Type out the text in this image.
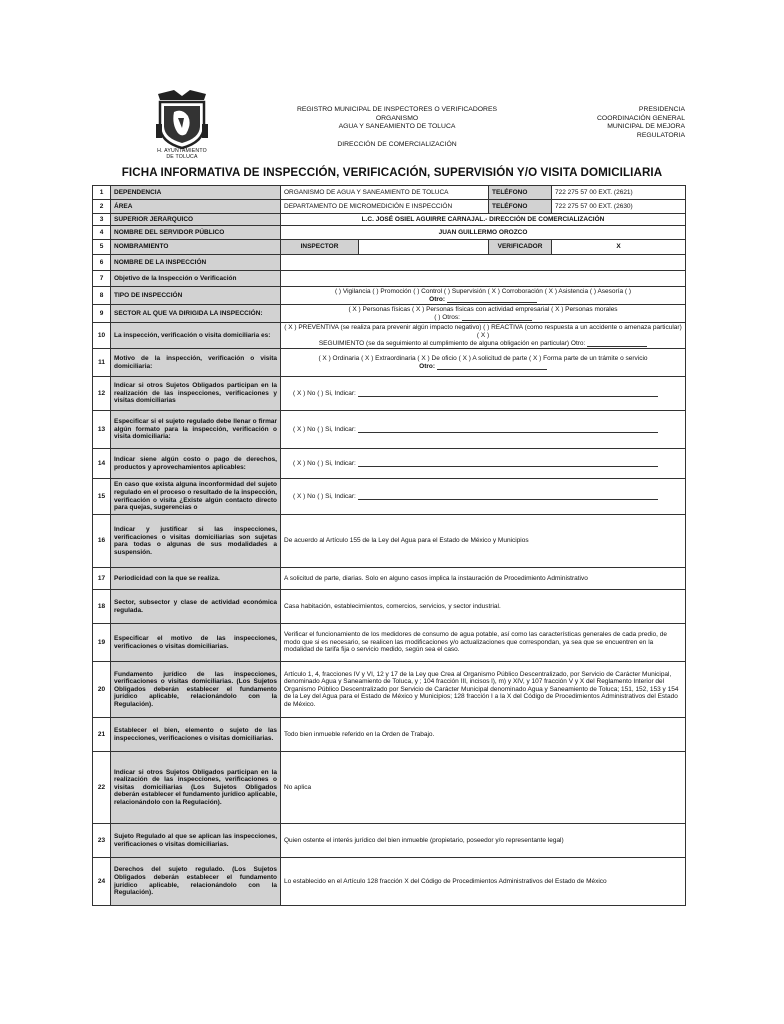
H. AYUNTAMIENTO
DE TOLUCA
REGISTRO MUNICIPAL DE INSPECTORES O VERIFICADORES ORGANISMO
AGUA Y SANEAMIENTO DE TOLUCA
DIRECCIÓN DE COMERCIALIZACIÓN
PRESIDENCIA
COORDINACIÓN GENERAL
MUNICIPAL DE MEJORA
REGULATORIA
FICHA INFORMATIVA DE INSPECCIÓN, VERIFICACIÓN, SUPERVISIÓN Y/O VISITA DOMICILIARIA
1	DEPENDENCIA	ORGANISMO DE AGUA Y SANEAMIENTO DE TOLUCA		TELÉFONO	722 275 57 00 EXT. (2621)
2	ÁREA	DEPARTAMENTO DE MICROMEDICIÓN E INSPECCIÓN		TELÉFONO	722 275 57 00 EXT. (2630)
3	SUPERIOR JERARQUICO	L.C. JOSÉ OSIEL AGUIRRE CARNAJAL.- DIRECCIÓN DE COMERCIALIZACIÓN			
4	NOMBRE DEL SERVIDOR PÚBLICO	JUAN GUILLERMO OROZCO			
5	NOMBRAMIENTO	INSPECTOR		VERIFICADOR	X
6	NOMBRE DE LA INSPECCIÓN				
7	Objetivo de la Inspección o Verificación				
8	TIPO DE INSPECCIÓN	( ) Vigilancia ( ) Promoción ( ) Control ( ) Supervisión ( X ) Corroboración ( X ) Asistencia ( ) Asesoría ( )
Otro:			

9	SECTOR AL QUE VA DIRIGIDA LA INSPECCIÓN:	( X ) Personas físicas ( X ) Personas físicas con actividad empresarial ( X ) Personas morales
( ) Otros:			

10	La inspección, verificación o visita domiciliaria es:	( X ) PREVENTIVA (se realiza para prevenir algún impacto negativo) ( ) REACTIVA (como respuesta a un accidente o amenaza particular) ( X )
SEGUIMIENTO (se da seguimiento al cumplimiento de alguna obligación en particular) Otro:			

11	Motivo de la inspección, verificación o visita domiciliaria:	( X ) Ordinaria ( X ) Extraordinaria ( X ) De oficio ( X ) A solicitud de parte ( X ) Forma parte de un trámite o servicio
Otro:			

12	Indicar si otros Sujetos Obligados participan en la realización de las inspecciones, verificaciones y visitas domiciliarias	( X ) No ( ) Si, Indicar:			
13	Especificar si el sujeto regulado debe llenar o firmar algún formato para la inspección, verificación o visita domiciliaria:	( X ) No ( ) Si, Indicar:			
14	Indicar siene algún costo o pago de derechos, productos y aprovechamientos aplicables:	( X ) No ( ) Si, Indicar:			
15	En caso que exista alguna inconformidad del sujeto regulado en el proceso o resultado de la inspección, verificación o visita ¿Existe algún contacto directo para quejas, sugerencias o	( X ) No ( ) Si, Indicar:			
16	Indicar y justificar si las inspecciones, verificaciones o visitas domiciliarias son sujetas para todas o algunas de sus modalidades a suspensión.	De acuerdo al Artículo 155 de la Ley del Agua para el Estado de México y Municipios			
17	Periodicidad con la que se realiza.	A solicitud de parte, diarias. Solo en alguno casos implica la instauración de Procedimiento Administrativo			
18	Sector, subsector y clase de actividad económica regulada.	Casa habitación, establecimientos, comercios, servicios, y sector industrial.			
19	Especificar el motivo de las inspecciones, verificaciones o visitas domiciliarias.	Verificar el funcionamiento de los medidores de consumo de agua potable, así como las características generales de cada predio, de modo que si es necesario, se realicen las modificaciones y/o actualizaciones que correspondan, ya sea que se encuentren en la modalidad de tarifa fija o servicio medido, según sea el caso.			
20	Fundamento jurídico de las inspecciones, verificaciones o visitas domiciliarias. (Los Sujetos Obligados deberán establecer el fundamento jurídico aplicable, relacionándolo con la Regulación).	Artículo 1, 4, fracciones IV y VI, 12 y 17 de la Ley que Crea al Organismo Público Descentralizado, por Servicio de Carácter Municipal, denominado Agua y Saneamiento de Toluca, y ; 104 fracción III, incisos l), m) y XIV, y 107 fracción V y X del Reglamento Interior del Organismo Público Descentralizado por Servicio de Carácter Municipal denominado Agua y Saneamiento de Toluca; 151, 152, 153 y 154 de la Ley del Agua para el Estado de México y Municipios; 128 fracción I a la X del Código de Procedimientos Administrativos del Estado de México.			
21	Establecer el bien, elemento o sujeto de las inspecciones, verificaciones o visitas domiciliarias.	Todo bien inmueble referido en la Orden de Trabajo.			
22	Indicar si otros Sujetos Obligados participan en la realización de las inspecciones, verificaciones o visitas domiciliarias (Los Sujetos Obligados deberán establecer el fundamento jurídico aplicable, relacionándolo con la Regulación).	No aplica			
23	Sujeto Regulado al que se aplican las inspecciones, verificaciones o visitas domiciliarias.	Quien ostente el interés jurídico del bien inmueble (propietario, poseedor y/o representante legal)			
24	Derechos del sujeto regulado. (Los Sujetos Obligados deberán establecer el fundamento jurídico aplicable, relacionándolo con la Regulación).	Lo establecido en el Artículo 128 fracción X del Código de Procedimientos Administrativos del Estado de México			
